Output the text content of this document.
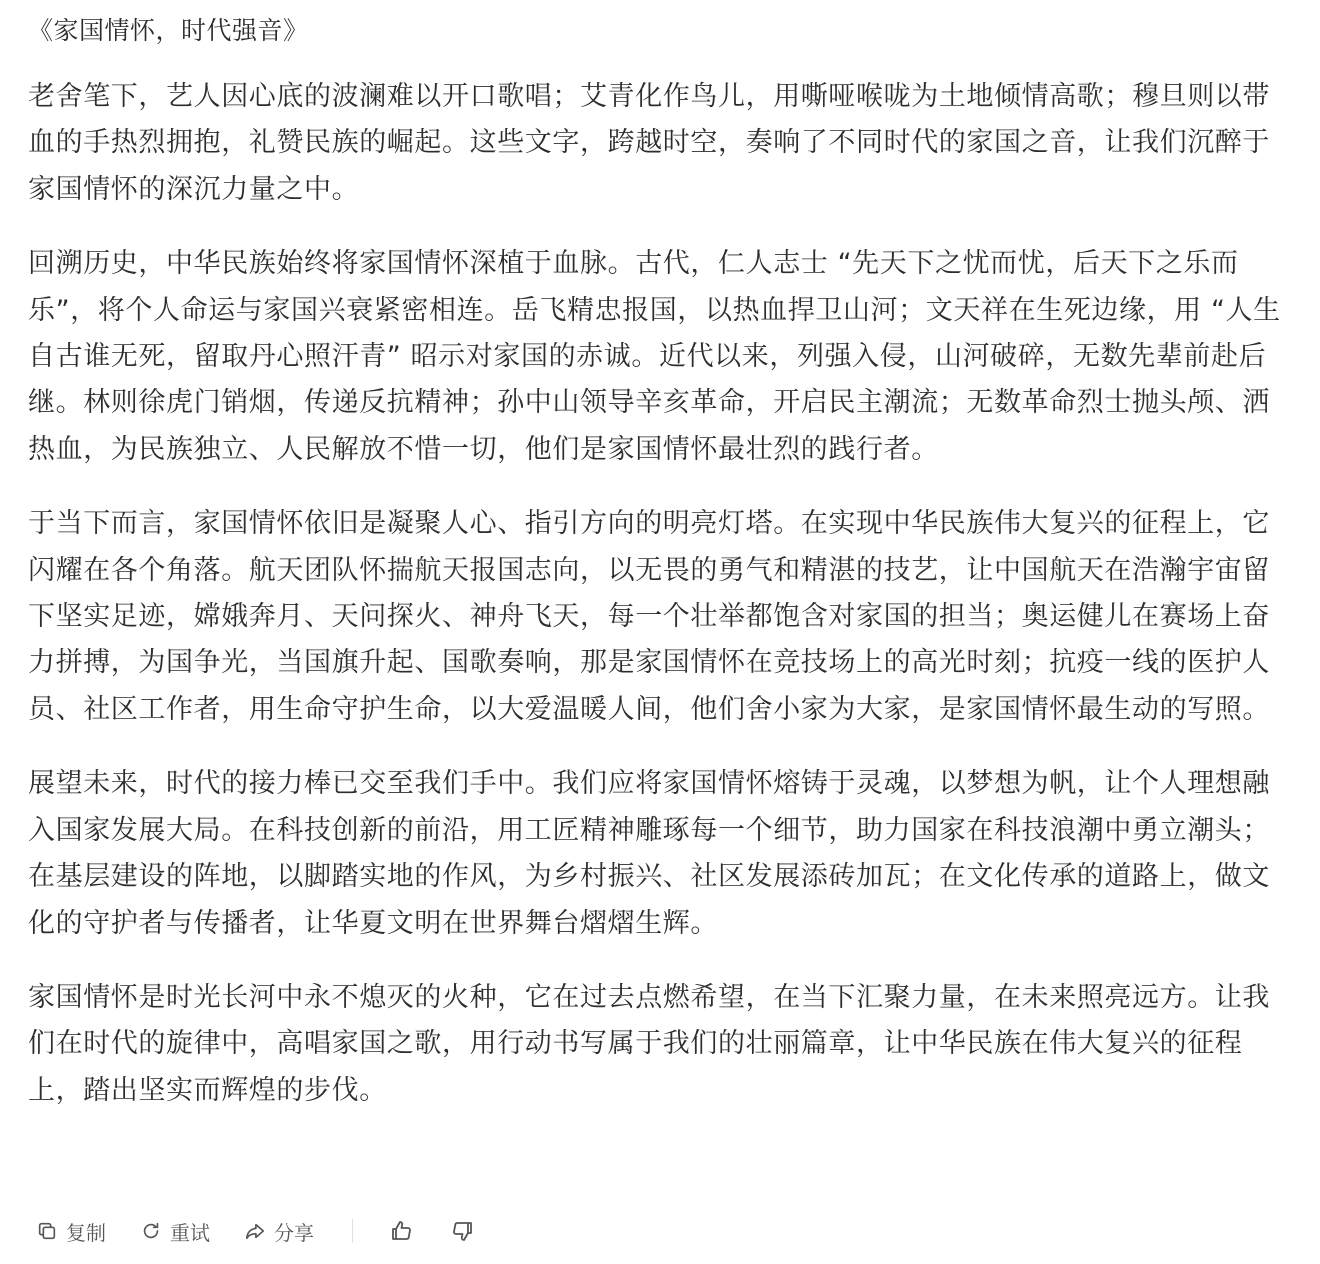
《家国情怀，时代强音》

老舍笔下，艺人因心底的波澜难以开口歌唱；艾青化作鸟儿，用嘶哑喉咙为土地倾情高歌；穆旦则以带血的手热烈拥抱，礼赞民族的崛起。这些文字，跨越时空，奏响了不同时代的家国之音，让我们沉醉于家国情怀的深沉力量之中。

回溯历史，中华民族始终将家国情怀深植于血脉。古代，仁人志士 “先天下之忧而忧，后天下之乐而乐”，将个人命运与家国兴衰紧密相连。岳飞精忠报国，以热血捍卫山河；文天祥在生死边缘，用 “人生自古谁无死，留取丹心照汗青” 昭示对家国的赤诚。近代以来，列强入侵，山河破碎，无数先辈前赴后继。林则徐虎门销烟，传递反抗精神；孙中山领导辛亥革命，开启民主潮流；无数革命烈士抛头颅、洒热血，为民族独立、人民解放不惜一切，他们是家国情怀最壮烈的践行者。

于当下而言，家国情怀依旧是凝聚人心、指引方向的明亮灯塔。在实现中华民族伟大复兴的征程上，它闪耀在各个角落。航天团队怀揣航天报国志向，以无畏的勇气和精湛的技艺，让中国航天在浩瀚宇宙留下坚实足迹，嫦娥奔月、天问探火、神舟飞天，每一个壮举都饱含对家国的担当；奥运健儿在赛场上奋力拼搏，为国争光，当国旗升起、国歌奏响，那是家国情怀在竞技场上的高光时刻；抗疫一线的医护人员、社区工作者，用生命守护生命，以大爱温暖人间，他们舍小家为大家，是家国情怀最生动的写照。

展望未来，时代的接力棒已交至我们手中。我们应将家国情怀熔铸于灵魂，以梦想为帆，让个人理想融入国家发展大局。在科技创新的前沿，用工匠精神雕琢每一个细节，助力国家在科技浪潮中勇立潮头；在基层建设的阵地，以脚踏实地的作风，为乡村振兴、社区发展添砖加瓦；在文化传承的道路上，做文化的守护者与传播者，让华夏文明在世界舞台熠熠生辉。

家国情怀是时光长河中永不熄灭的火种，它在过去点燃希望，在当下汇聚力量，在未来照亮远方。让我们在时代的旋律中，高唱家国之歌，用行动书写属于我们的壮丽篇章，让中华民族在伟大复兴的征程上，踏出坚实而辉煌的步伐。

复制	重试	分享
